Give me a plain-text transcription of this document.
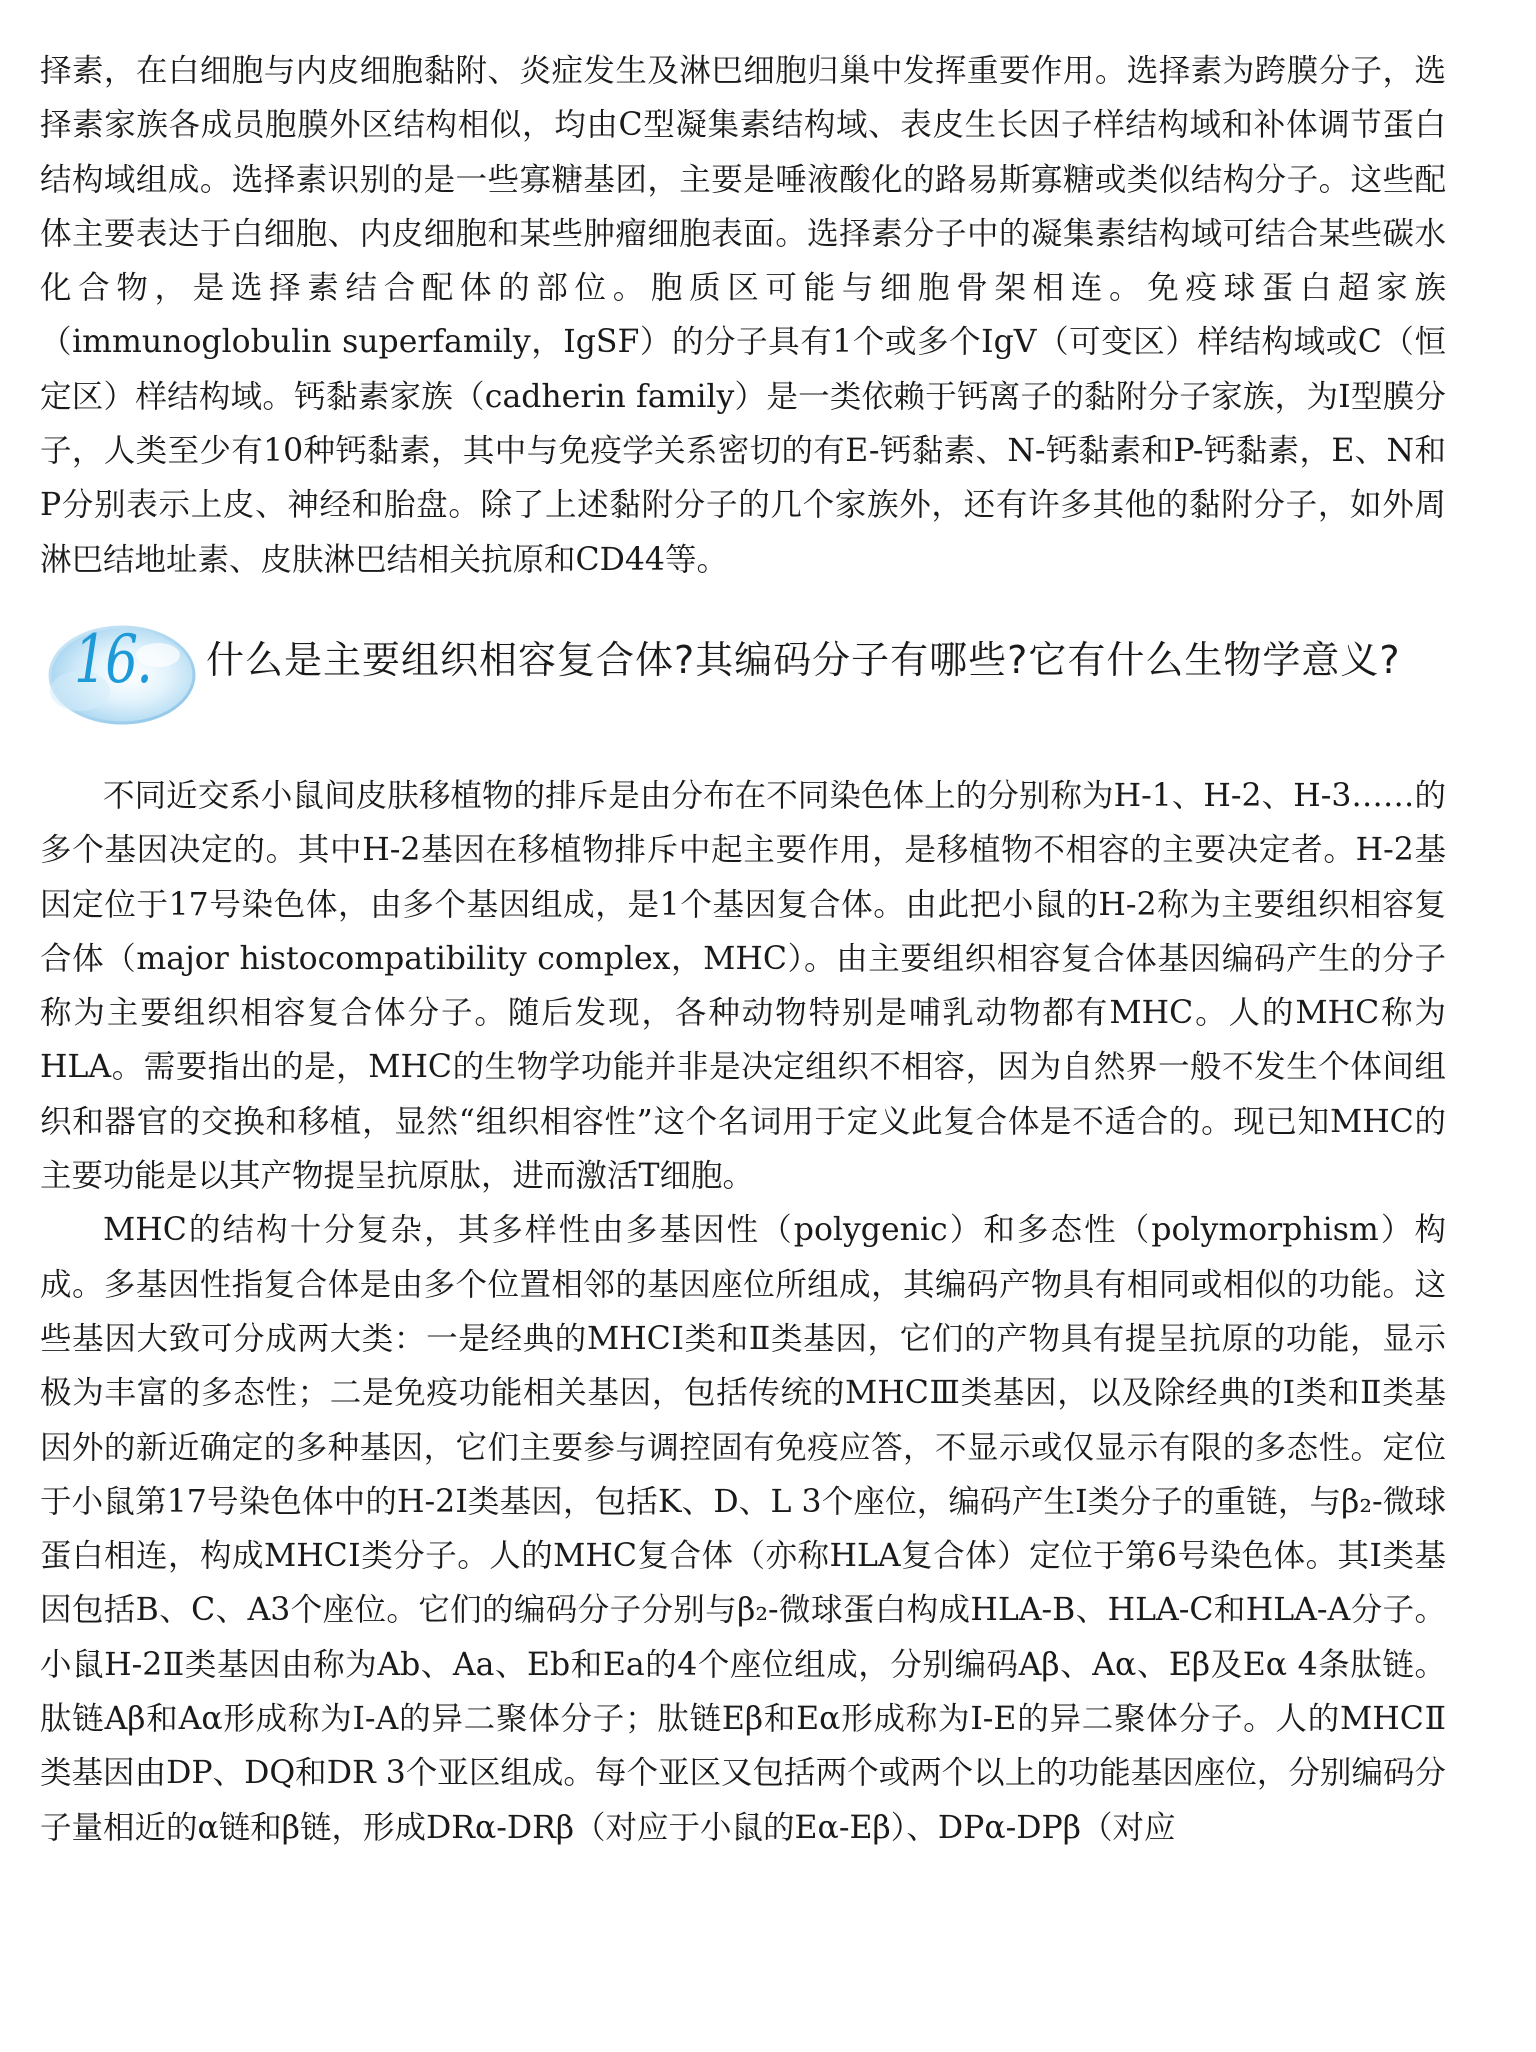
择素，在白细胞与内皮细胞黏附、炎症发生及淋巴细胞归巢中发挥重要作用。选择素为跨膜分子，选择素家族各成员胞膜外区结构相似，均由C型凝集素结构域、表皮生长因子样结构域和补体调节蛋白结构域组成。选择素识别的是一些寡糖基团，主要是唾液酸化的路易斯寡糖或类似结构分子。这些配体主要表达于白细胞、内皮细胞和某些肿瘤细胞表面。选择素分子中的凝集素结构域可结合某些碳水化合物，是选择素结合配体的部位。胞质区可能与细胞骨架相连。免疫球蛋白超家族（immunoglobulin superfamily，IgSF）的分子具有1个或多个IgV（可变区）样结构域或C（恒定区）样结构域。钙黏素家族（cadherin family）是一类依赖于钙离子的黏附分子家族，为Ⅰ型膜分子，人类至少有10种钙黏素，其中与免疫学关系密切的有E-钙黏素、N-钙黏素和P-钙黏素，E、N和P分别表示上皮、神经和胎盘。除了上述黏附分子的几个家族外，还有许多其他的黏附分子，如外周淋巴结地址素、皮肤淋巴结相关抗原和CD44等。

16. 什么是主要组织相容复合体?其编码分子有哪些?它有什么生物学意义?

不同近交系小鼠间皮肤移植物的排斥是由分布在不同染色体上的分别称为H-1、H-2、H-3……的多个基因决定的。其中H-2基因在移植物排斥中起主要作用，是移植物不相容的主要决定者。H-2基因定位于17号染色体，由多个基因组成，是1个基因复合体。由此把小鼠的H-2称为主要组织相容复合体（major histocompatibility complex，MHC）。由主要组织相容复合体基因编码产生的分子称为主要组织相容复合体分子。随后发现，各种动物特别是哺乳动物都有MHC。人的MHC称为HLA。需要指出的是，MHC的生物学功能并非是决定组织不相容，因为自然界一般不发生个体间组织和器官的交换和移植，显然“组织相容性”这个名词用于定义此复合体是不适合的。现已知MHC的主要功能是以其产物提呈抗原肽，进而激活T细胞。

MHC的结构十分复杂，其多样性由多基因性（polygenic）和多态性（polymorphism）构成。多基因性指复合体是由多个位置相邻的基因座位所组成，其编码产物具有相同或相似的功能。这些基因大致可分成两大类：一是经典的MHCⅠ类和Ⅱ类基因，它们的产物具有提呈抗原的功能，显示极为丰富的多态性；二是免疫功能相关基因，包括传统的MHCⅢ类基因，以及除经典的Ⅰ类和Ⅱ类基因外的新近确定的多种基因，它们主要参与调控固有免疫应答，不显示或仅显示有限的多态性。定位于小鼠第17号染色体中的H-2Ⅰ类基因，包括K、D、L 3个座位，编码产生Ⅰ类分子的重链，与β₂-微球蛋白相连，构成MHCⅠ类分子。人的MHC复合体（亦称HLA复合体）定位于第6号染色体。其Ⅰ类基因包括B、C、A3个座位。它们的编码分子分别与β₂-微球蛋白构成HLA-B、HLA-C和HLA-A分子。小鼠H-2Ⅱ类基因由称为Ab、Aa、Eb和Ea的4个座位组成，分别编码Aβ、Aα、Eβ及Eα 4条肽链。肽链Aβ和Aα形成称为I-A的异二聚体分子；肽链Eβ和Eα形成称为I-E的异二聚体分子。人的MHCⅡ类基因由DP、DQ和DR 3个亚区组成。每个亚区又包括两个或两个以上的功能基因座位，分别编码分子量相近的α链和β链，形成DRα-DRβ（对应于小鼠的Eα-Eβ）、DPα-DPβ（对应
